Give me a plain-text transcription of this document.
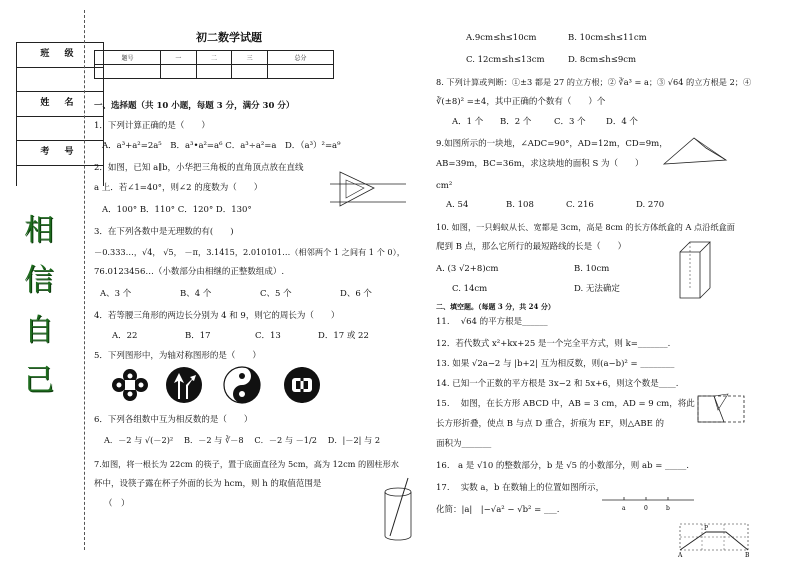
班 级
姓 名
考 号
相
信
自
己
初二数学试题
题号	一	二	三	总分

一、选择题（共 10 小题，每题 3 分，满分 30 分）
1．下列计算正确的是（　　）
A．a³+a²=2a⁵　B．a³•a²=a⁶ C．a³÷a²=a　D．（a³）²=a⁹
2．如图，已知 a∥b，小华把三角板的直角顶点放在直线
a 上．若∠1=40°，则∠2 的度数为（　　）
A．100° B．110° C．120° D．130°
3．在下列各数中是无理数的有(　　)
－0.333…，√4， √5， －π，3.1415，2.010101…（相邻两个 1 之间有 1 个 0），
76.0123456…（小数部分由相继的正整数组成）.
A、3 个	B、4 个	C、5 个	D、6 个
4．若等腰三角形的两边长分别为 4 和 9，则它的周长为（　　）
A．22	B．17	C．13	D．17 或 22
5．下列图形中，为轴对称图形的是（　　）
6．下列各组数中互为相反数的是（　　）
A．－2 与 √(－2)²　 B．－2 与 ∛－8　 C．－2 与 －1/2　 D．|－2| 与 2
7.如图，将一根长为 22cm 的筷子，置于底面直径为 5cm，高为 12cm 的圆柱形水
杯中，设筷子露在杯子外面的长为 hcm，则 h 的取值范围是
（　）
A.9cm≤h≤10cm	B. 10cm≤h≤11cm
C. 12cm≤h≤13cm	D. 8cm≤h≤9cm
8. 下列计算或判断：①±3 都是 27 的立方根；② ∛a³ = a；③ √64 的立方根是 2；④
∛(±8)² =±4，其中正确的个数有（　　）个
A．1 个 B．2 个	C．3 个 D．4 个
9.如图所示的一块地，∠ADC=90°，AD=12m，CD=9m，
AB=39m，BC=36m，求这块地的面积 S 为（　　）
cm²
A. 54	B. 108	C. 216	D. 270
10. 如图，一只蚂蚁从长、宽都是 3cm，高是 8cm 的长方体纸盒的 A 点沿纸盒面
爬到 B 点，那么它所行的最短路线的长是（　　）
A. (3 √2+8)cm	B. 10cm
C. 14cm	D. 无法确定
二、填空题。（每题 3 分，共 24 分）
11.　 √64 的平方根是______
12．若代数式 x²+kx+25 是一个完全平方式，则 k=_______.
13. 如果 √2a−2 与 |b+2| 互为相反数，则(a−b)² = ________
14. 已知一个正数的平方根是 3x−2 和 5x+6，则这个数是____.
15.　 如图，在长方形 ABCD 中，AB = 3 cm，AD = 9 cm，将此
长方形折叠，使点 B 与点 D 重合，折痕为 EF，则△ABE 的
面积为_______
16.　a 是 √10 的整数部分，b 是 √5 的小数部分，则 ab = _____.
17.　 实数 a，b 在数轴上的位置如图所示，
化简：|a|　|−√a² − √b² = ___.	a	0	b
P
A	B
